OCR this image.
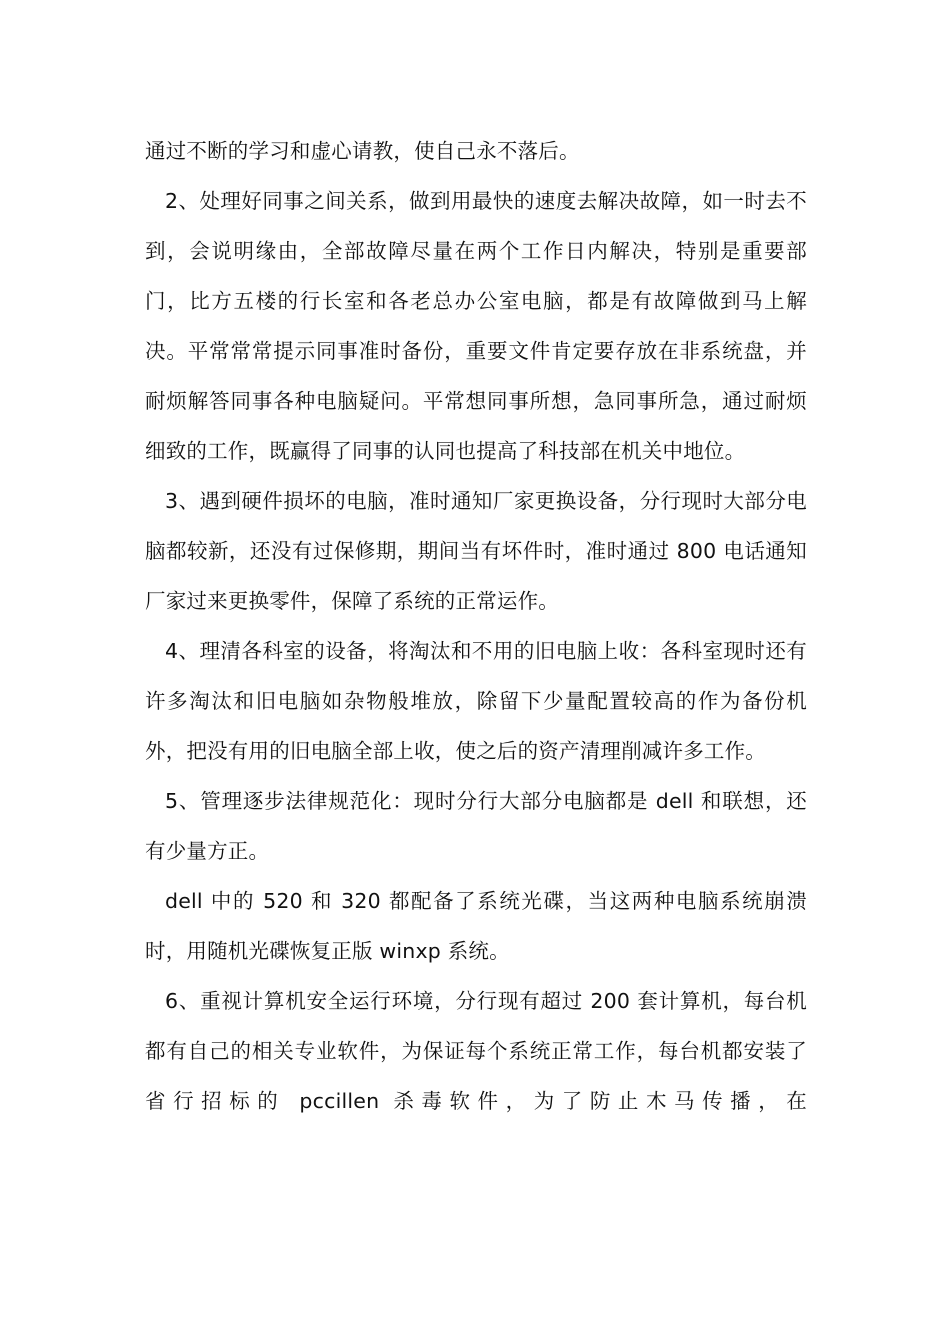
通过不断的学习和虚心请教，使自己永不落后。

2、处理好同事之间关系，做到用最快的速度去解决故障，如一时去不到，会说明缘由，全部故障尽量在两个工作日内解决，特别是重要部门，比方五楼的行长室和各老总办公室电脑，都是有故障做到马上解决。平常常常提示同事准时备份，重要文件肯定要存放在非系统盘，并耐烦解答同事各种电脑疑问。平常想同事所想，急同事所急，通过耐烦细致的工作，既赢得了同事的认同也提高了科技部在机关中地位。

3、遇到硬件损坏的电脑，准时通知厂家更换设备，分行现时大部分电脑都较新，还没有过保修期，期间当有坏件时，准时通过 800 电话通知厂家过来更换零件，保障了系统的正常运作。

4、理清各科室的设备，将淘汰和不用的旧电脑上收：各科室现时还有许多淘汰和旧电脑如杂物般堆放，除留下少量配置较高的作为备份机外，把没有用的旧电脑全部上收，使之后的资产清理削减许多工作。

5、管理逐步法律规范化：现时分行大部分电脑都是 dell 和联想，还有少量方正。

dell 中的 520 和 320 都配备了系统光碟，当这两种电脑系统崩溃时，用随机光碟恢复正版 winxp 系统。

6、重视计算机安全运行环境，分行现有超过 200 套计算机，每台机都有自己的相关专业软件，为保证每个系统正常工作，每台机都安装了省行招标的 pccillen 杀毒软件，为了防止木马传播，在
